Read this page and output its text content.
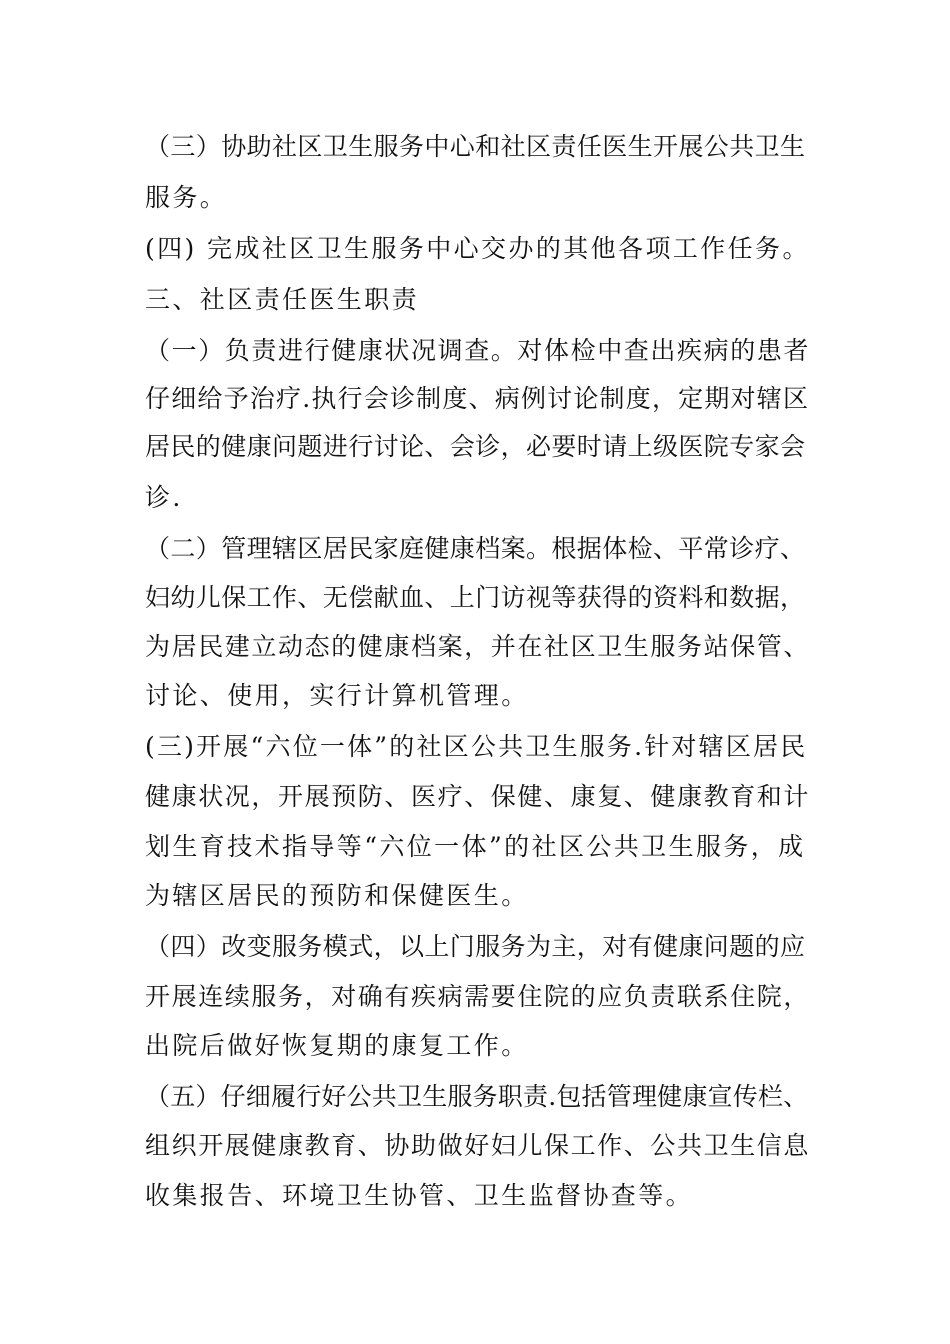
（三）协助社区卫生服务中心和社区责任医生开展公共卫生
服务。
(四) 完成社区卫生服务中心交办的其他各项工作任务。
三、社区责任医生职责
（一）负责进行健康状况调查。对体检中查出疾病的患者
仔细给予治疗.执行会诊制度、病例讨论制度，定期对辖区
居民的健康问题进行讨论、会诊，必要时请上级医院专家会
诊.
（二）管理辖区居民家庭健康档案。根据体检、平常诊疗、
妇幼儿保工作、无偿献血、上门访视等获得的资料和数据，
为居民建立动态的健康档案，并在社区卫生服务站保管、
讨论、使用，实行计算机管理。
(三)开展“六位一体”的社区公共卫生服务.针对辖区居民
健康状况，开展预防、医疗、保健、康复、健康教育和计
划生育技术指导等“六位一体”的社区公共卫生服务，成
为辖区居民的预防和保健医生。
（四）改变服务模式，以上门服务为主，对有健康问题的应
开展连续服务，对确有疾病需要住院的应负责联系住院，
出院后做好恢复期的康复工作。
（五）仔细履行好公共卫生服务职责.包括管理健康宣传栏、
组织开展健康教育、协助做好妇儿保工作、公共卫生信息
收集报告、环境卫生协管、卫生监督协查等。
